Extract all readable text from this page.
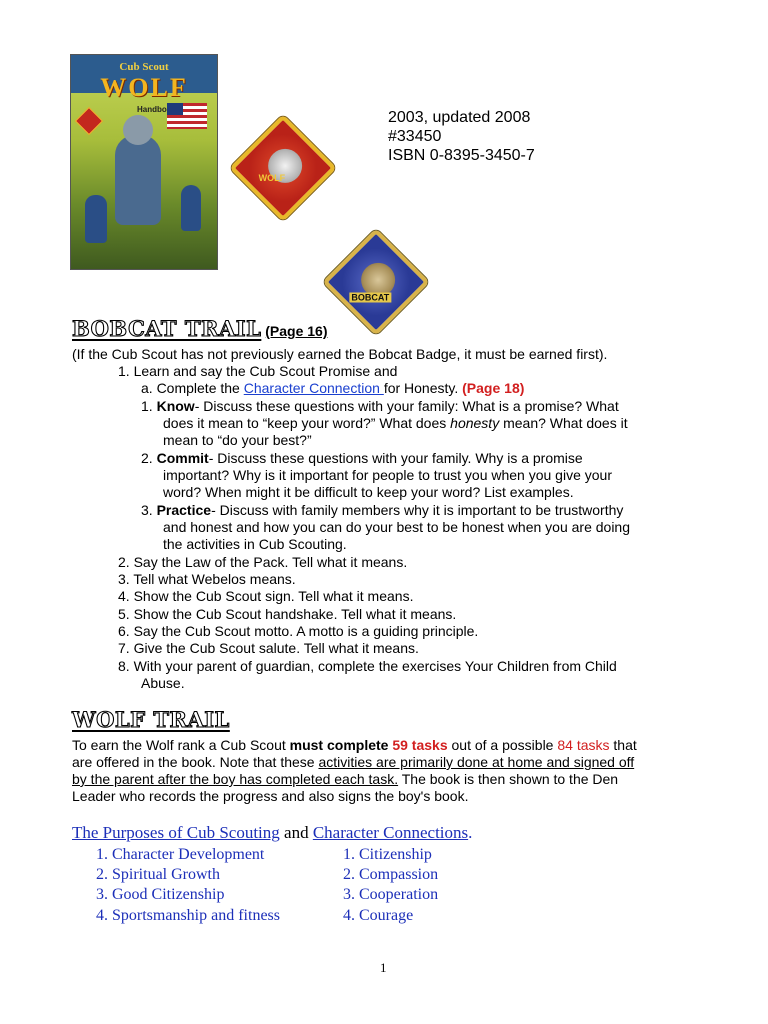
Cub Scout
WOLF
Handbo
WOLF
BOBCAT
2003, updated 2008
#33450
ISBN 0-8395-3450-7
BOBCAT TRAIL (Page 16)
(If the Cub Scout has not previously earned the Bobcat Badge, it must be earned first).
1. Learn and say the Cub Scout Promise and
a. Complete the Character Connection for Honesty. (Page 18)
1. Know- Discuss these questions with your family: What is a promise? What
does it mean to “keep your word?” What does honesty mean? What does it
mean to “do your best?”
2. Commit- Discuss these questions with your family. Why is a promise
important? Why is it important for people to trust you when you give your
word? When might it be difficult to keep your word? List examples.
3. Practice- Discuss with family members why it is important to be trustworthy
and honest and how you can do your best to be honest when you are doing
the activities in Cub Scouting.
2. Say the Law of the Pack. Tell what it means.
3. Tell what Webelos means.
4. Show the Cub Scout sign. Tell what it means.
5. Show the Cub Scout handshake. Tell what it means.
6. Say the Cub Scout motto. A motto is a guiding principle.
7. Give the Cub Scout salute. Tell what it means.
8. With your parent of guardian, complete the exercises Your Children from Child
Abuse.
WOLF TRAIL
To earn the Wolf rank a Cub Scout must complete 59 tasks out of a possible 84 tasks that
are offered in the book. Note that these activities are primarily done at home and signed off
by the parent after the boy has completed each task. The book is then shown to the Den
Leader who records the progress and also signs the boy's book.
The Purposes of Cub Scouting and Character Connections.
1. Character Development
2. Spiritual Growth
3. Good Citizenship
4. Sportsmanship and fitness
1. Citizenship
2. Compassion
3. Cooperation
4. Courage
1
